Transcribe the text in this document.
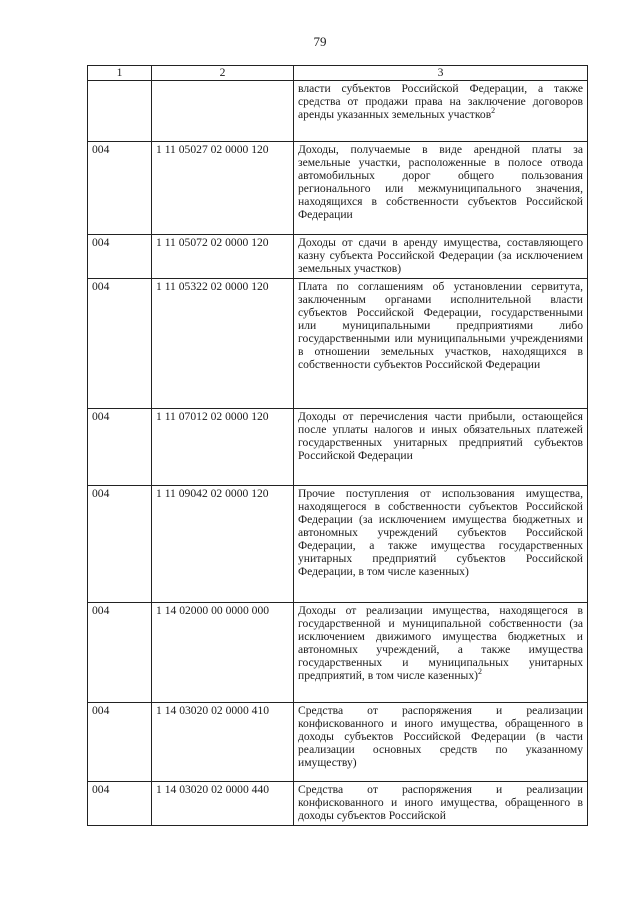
79
1	2	3
		власти субъектов Российской Федерации, а также средства от продажи права на заключение договоров аренды указанных земельных участков$^2$
004	1 11 05027 02 0000 120	Доходы, получаемые в виде арендной платы за земельные участки, расположенные в полосе отвода автомобильных дорог общего пользования регионального или межмуниципального значения, находящихся в собственности субъектов Российской Федерации
004	1 11 05072 02 0000 120	Доходы от сдачи в аренду имущества, составляющего казну субъекта Российской Федерации (за исключением земельных участков)
004	1 11 05322 02 0000 120	Плата по соглашениям об установлении сервитута, заключенным органами исполнительной власти субъектов Российской Федерации, государственными или муниципальными предприятиями либо государственными или муниципальными учреждениями в отношении земельных участков, находящихся в собственности субъектов Российской Федерации
004	1 11 07012 02 0000 120	Доходы от перечисления части прибыли, остающейся после уплаты налогов и иных обязательных платежей государственных унитарных предприятий субъектов Российской Федерации
004	1 11 09042 02 0000 120	Прочие поступления от использования имущества, находящегося в собственности субъектов Российской Федерации (за исключением имущества бюджетных и автономных учреждений субъектов Российской Федерации, а также имущества государственных унитарных предприятий субъектов Российской Федерации, в том числе казенных)
004	1 14 02000 00 0000 000	Доходы от реализации имущества, находящегося в государственной и муниципальной собственности (за исключением движимого имущества бюджетных и автономных учреждений, а также имущества государственных и муниципальных унитарных предприятий, в том числе казенных)$^2$
004	1 14 03020 02 0000 410	Средства от распоряжения и реализации конфискованного и иного имущества, обращенного в доходы субъектов Российской Федерации (в части реализации основных средств по указанному имуществу)
004	1 14 03020 02 0000 440	Средства от распоряжения и реализации конфискованного и иного имущества, обращенного в доходы субъектов Российской
